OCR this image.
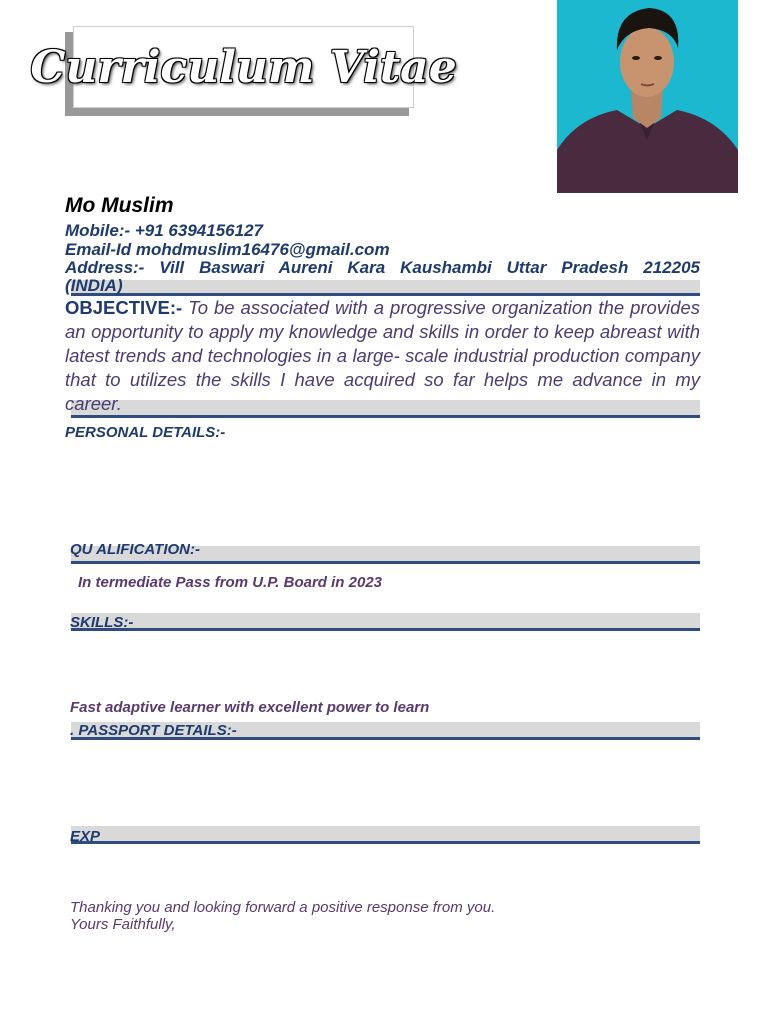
Curriculum Vitae
Mo Muslim
Mobile:- +91 6394156127
Email-Id mohdmuslim16476@gmail.com
Address:- Vill Baswari Aureni Kara Kaushambi Uttar Pradesh 212205
(INDIA)
OBJECTIVE:- To be associated with a progressive organization the provides an opportunity to apply my knowledge and skills in order to keep abreast with latest trends and technologies in a large- scale industrial production company that to utilizes the skills I have acquired so far helps me advance in my career.
PERSONAL DETAILS:-
QU ALIFICATION:-
In termediate Pass from U.P. Board in 2023
SKILLS:-
Fast adaptive learner with excellent power to learn
. PASSPORT DETAILS:-
EXP
Thanking you and looking forward a positive response from you.
Yours Faithfully,
